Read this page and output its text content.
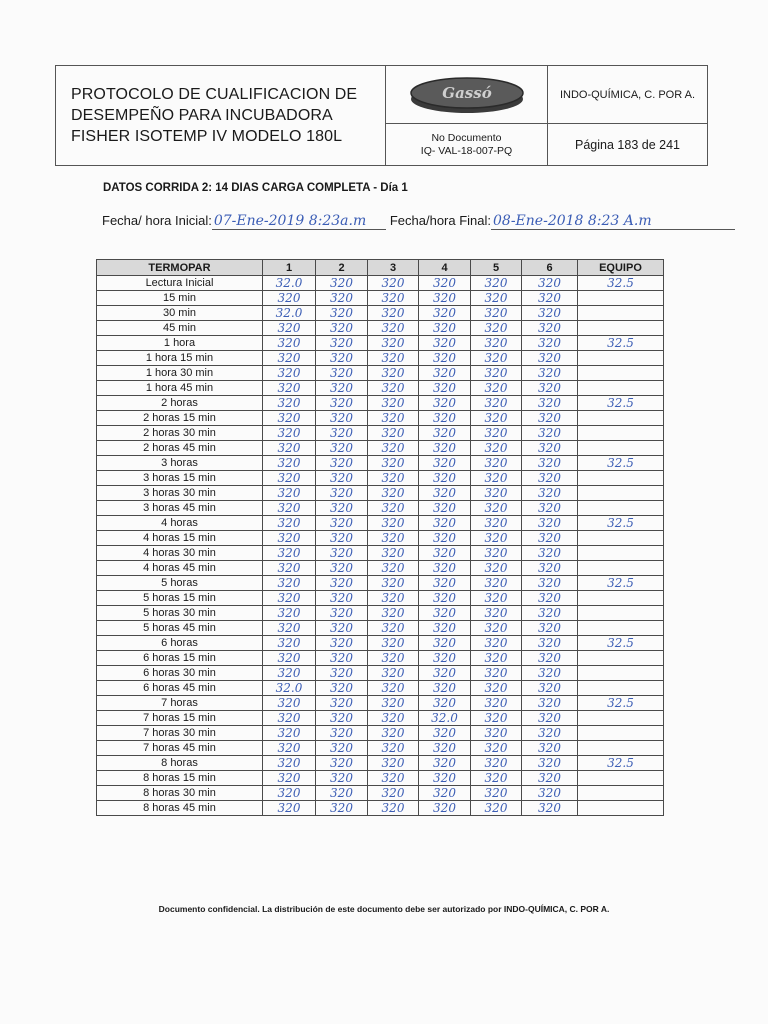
PROTOCOLO DE CUALIFICACION DE
DESEMPEÑO PARA INCUBADORA
FISHER ISOTEMP IV MODELO 180L
Gassó
No Documento
IQ- VAL-18-007-PQ
INDO-QUÍMICA, C. POR A.
Página 183 de 241
DATOS CORRIDA 2: 14 DIAS CARGA COMPLETA - Día 1
Fecha/ hora Inicial: 07-Ene-2019 8:23a.m	Fecha/hora Final: 08-Ene-2018 8:23 A.m
TERMOPAR	1	2	3	4	5	6	EQUIPO
Lectura Inicial	32.0	320	320	320	320	320	32.5
15 min	320	320	320	320	320	320	
30 min	32.0	320	320	320	320	320	
45 min	320	320	320	320	320	320	
1 hora	320	320	320	320	320	320	32.5
1 hora 15 min	320	320	320	320	320	320	
1 hora 30 min	320	320	320	320	320	320	
1 hora 45 min	320	320	320	320	320	320	
2 horas	320	320	320	320	320	320	32.5
2 horas 15 min	320	320	320	320	320	320	
2 horas 30 min	320	320	320	320	320	320	
2 horas 45 min	320	320	320	320	320	320	
3 horas	320	320	320	320	320	320	32.5
3 horas 15 min	320	320	320	320	320	320	
3 horas 30 min	320	320	320	320	320	320	
3 horas 45 min	320	320	320	320	320	320	
4 horas	320	320	320	320	320	320	32.5
4 horas 15 min	320	320	320	320	320	320	
4 horas 30 min	320	320	320	320	320	320	
4 horas 45 min	320	320	320	320	320	320	
5 horas	320	320	320	320	320	320	32.5
5 horas 15 min	320	320	320	320	320	320	
5 horas 30 min	320	320	320	320	320	320	
5 horas 45 min	320	320	320	320	320	320	
6 horas	320	320	320	320	320	320	32.5
6 horas 15 min	320	320	320	320	320	320	
6 horas 30 min	320	320	320	320	320	320	
6 horas 45 min	32.0	320	320	320	320	320	
7 horas	320	320	320	320	320	320	32.5
7 horas 15 min	320	320	320	32.0	320	320	
7 horas 30 min	320	320	320	320	320	320	
7 horas 45 min	320	320	320	320	320	320	
8 horas	320	320	320	320	320	320	32.5
8 horas 15 min	320	320	320	320	320	320	
8 horas 30 min	320	320	320	320	320	320	
8 horas 45 min	320	320	320	320	320	320	
Documento confidencial. La distribución de este documento debe ser autorizado por INDO-QUÍMICA, C. POR A.
